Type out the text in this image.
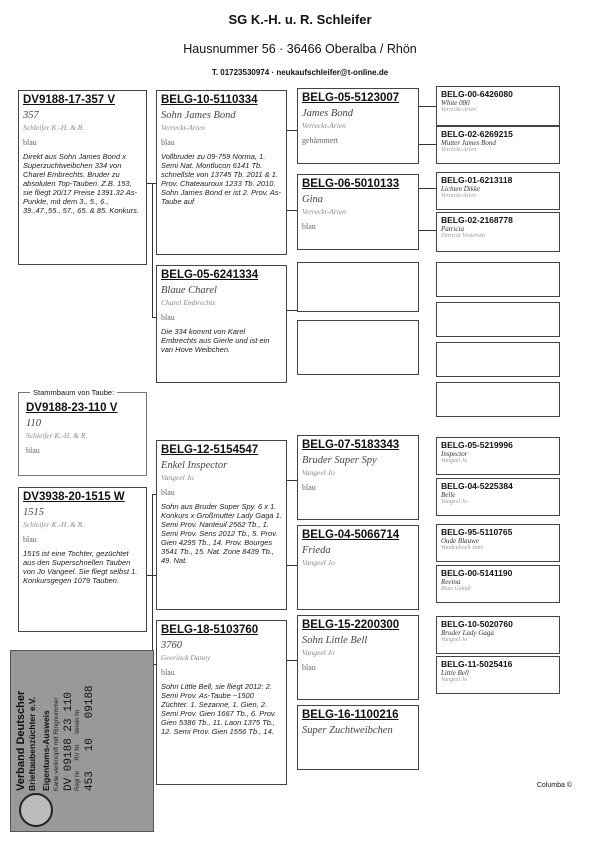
SG K.-H. u. R. Schleifer
Hausnummer 56 · 36466 Oberalba / Rhön
T. 01723530974 · neukaufschleifer@t-online.de
DV9188-17-357 V
357
Schleifer K.-H. & R.
blau
Direkt aus Sohn James Bond x Superzuchtweibchen 334 von Charel Embrechts. Bruder zu absoluten Top-Tauben. Z.B. 153, sie fliegt 20/17 Preise 1391.32 As-Punkte, mit dem 3., 5., 6., 39.,47.,55., 57., 65. & 85. Konkurs.
Stammbaum von Taube:
DV9188-23-110 V
110
Schleifer K.-H. & R.
blau
DV3938-20-1515 W
1515
Schleifer K.-H. & R.
blau
1515 ist eine Tochter, gezüchtet aus den Superschnellen Tauben von Jo Vangeel. Sie fliegt selbst 1. Konkursgegen 1079 Tauben.
BELG-10-5110334
Sohn James Bond
Verreckt-Arien
blau
Vollbruder zu 09-759 Norma, 1. Semi Nat. Montlucon 6141 Tb. schnellste von 13745 Tb. 2011 & 1. Prov. Chateauroux 1233 Tb. 2010. Sohn James Bond er ist 2. Prov. As-Taube auf
BELG-05-6241334
Blaue Charel
Charel Embrechts
blau
Die 334 kommt von Karel Embrechts aus Gierle und ist ein van Hove Weibchen.
BELG-12-5154547
Enkel Inspector
Vangeel Jo
blau
Sohn aus Bruder Super Spy. 6 x 1. Konkurs x Großmutter Lady Gaga 1. Semi Prov. Nanteuil 2562 Tb., 1. Semi Prov. Sens 2012 Tb., 5. Prov. Gien 4295 Tb., 14. Prov. Bourges 3541 Tb., 15. Nat. Zone 8439 Tb., 49. Nat.
BELG-18-5103760
3760
Geerinck Danny
blau
Sohn Little Bell, sie fliegt 2012: 2. Semi Prov. As-Taube ~1500 Züchter. 1. Sezanne, 1. Gien, 2. Semi Prov. Gien 1667 Tb., 6. Prov. Gien 5386 Tb., 11. Laon 1375 Tb., 12. Semi Prov. Gien 1556 Tb., 14.
BELG-05-5123007
James Bond
Verreckt-Arien
gehämmert
BELG-06-5010133
Gina
Verreckt-Arien
blau
BELG-07-5183343
Bruder Super Spy
Vangeel Jo
blau
BELG-04-5066714
Frieda
Vangeel Jo
BELG-15-2200300
Sohn Little Bell
Vangeel Jo
blau
BELG-16-1100216
Super Zuchtweibchen
BELG-00-6426080
White 080
Verreckt-Arien
BELG-02-6269215
Mutter James Bond
Verreckt-Arien
BELG-01-6213118
Lichten Dikke
Verreckt-Arien
BELG-02-2168778
Patricia
Patricia Vostersen
BELG-05-5219996
Inspector
Vangeel Jo
BELG-04-5225384
Belle
Vangeel Jo
BELG-95-5110765
Oude Blauwe
Vandeuhoeh Jans
BELG-00-5141190
Reeina
Rene Geladi
BELG-10-5020760
Bruder Lady Gaga
Vangeel Jo
BELG-11-5025416
Little Bell
Vangeel Jo
Verband Deutscher Brieftaubenzüchter e.V. Eigentums-Ausweis Karte verknüpft mit Ringnummer DV 09188 23 110 Regl Nr      RV Nr      Verein Nr
453   10   09188
Columba ©
